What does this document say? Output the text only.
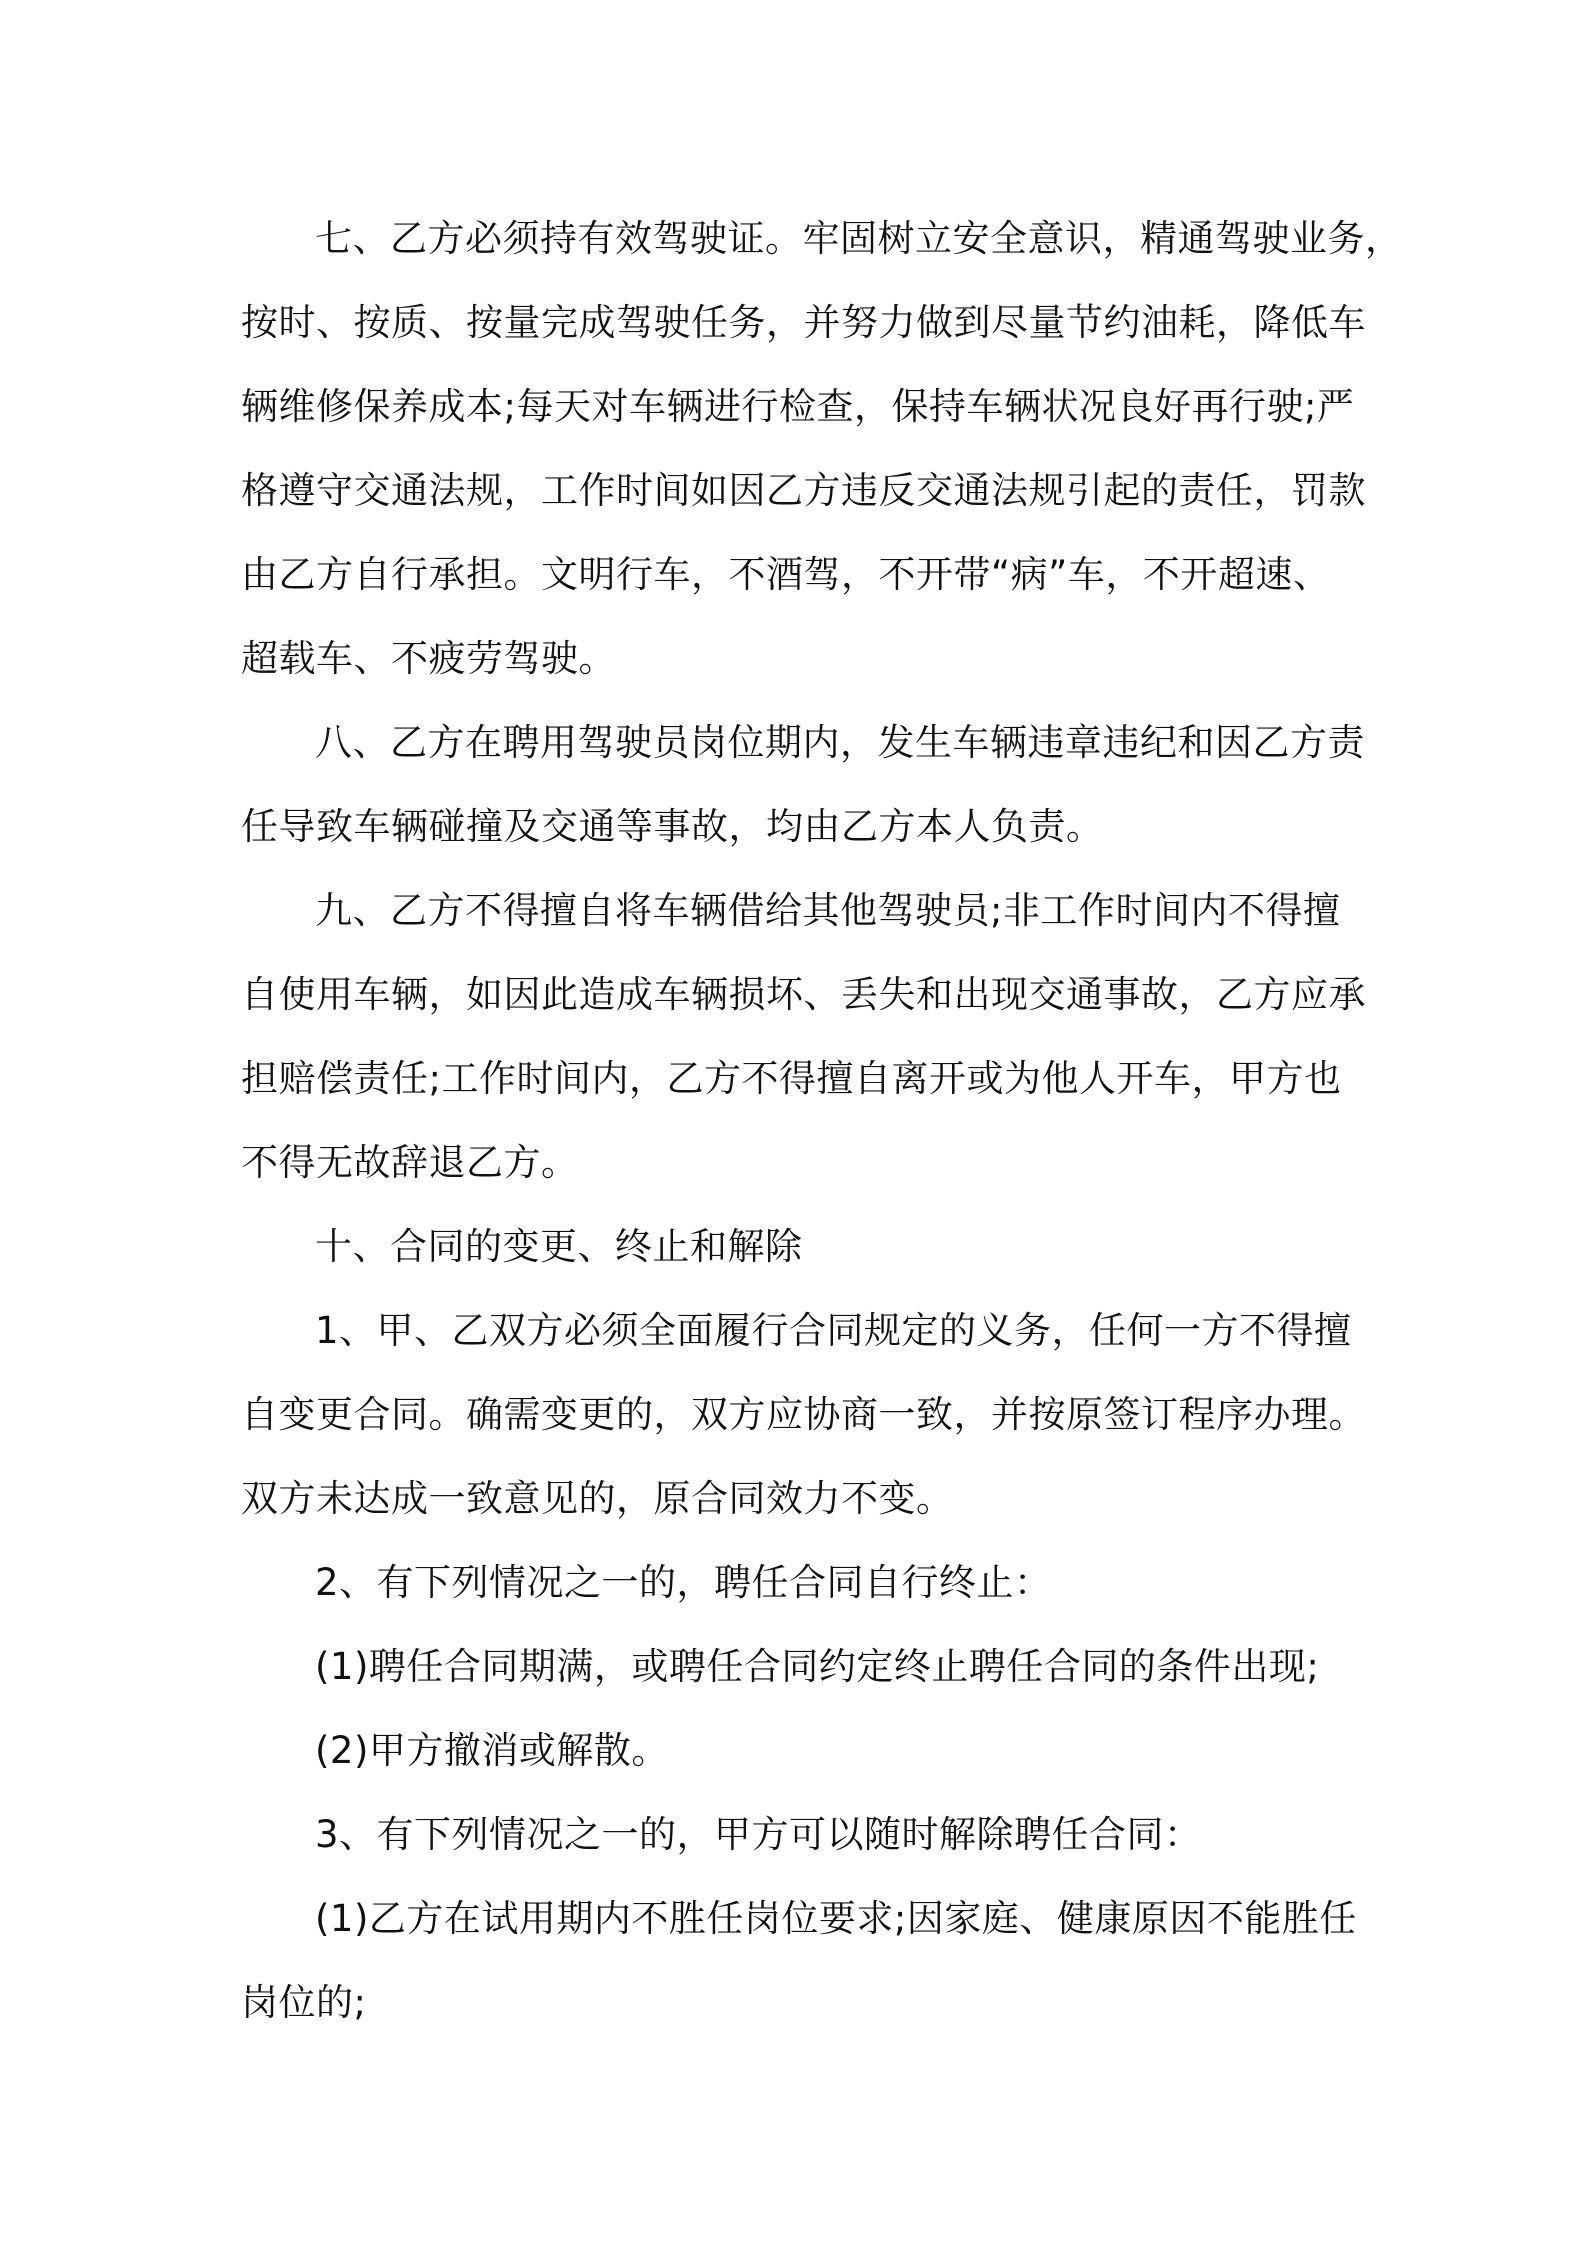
七、乙方必须持有效驾驶证。牢固树立安全意识，精通驾驶业务，
按时、按质、按量完成驾驶任务，并努力做到尽量节约油耗，降低车
辆维修保养成本;每天对车辆进行检查，保持车辆状况良好再行驶;严
格遵守交通法规，工作时间如因乙方违反交通法规引起的责任，罚款
由乙方自行承担。文明行车，不酒驾，不开带“病”车，不开超速、
超载车、不疲劳驾驶。

八、乙方在聘用驾驶员岗位期内，发生车辆违章违纪和因乙方责
任导致车辆碰撞及交通等事故，均由乙方本人负责。

九、乙方不得擅自将车辆借给其他驾驶员;非工作时间内不得擅
自使用车辆，如因此造成车辆损坏、丢失和出现交通事故，乙方应承
担赔偿责任;工作时间内，乙方不得擅自离开或为他人开车，甲方也
不得无故辞退乙方。

十、合同的变更、终止和解除

1、甲、乙双方必须全面履行合同规定的义务，任何一方不得擅
自变更合同。确需变更的，双方应协商一致，并按原签订程序办理。
双方未达成一致意见的，原合同效力不变。

2、有下列情况之一的，聘任合同自行终止：

(1)聘任合同期满，或聘任合同约定终止聘任合同的条件出现;

(2)甲方撤消或解散。

3、有下列情况之一的，甲方可以随时解除聘任合同：

(1)乙方在试用期内不胜任岗位要求;因家庭、健康原因不能胜任
岗位的;
